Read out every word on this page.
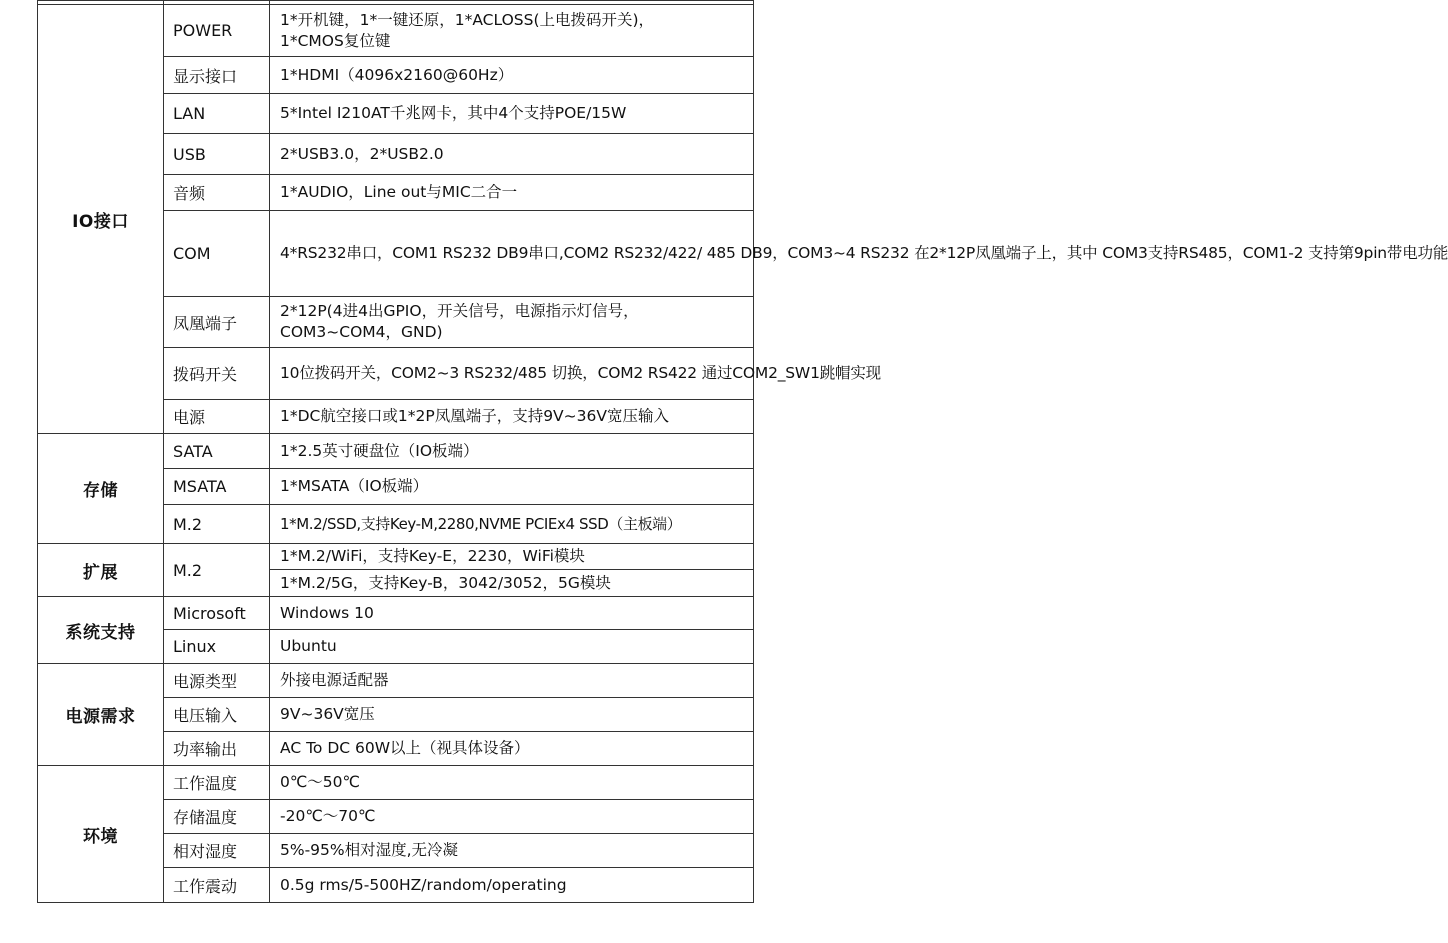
IO接口	POWER	1*开机键，1*一键还原，1*ACLOSS(上电拨码开关)，
1*CMOS复位键
	显示接口	1*HDMI（4096x2160@60Hz）
	LAN	5*Intel I210AT千兆网卡，其中4个支持POE/15W
	USB	2*USB3.0，2*USB2.0
	音频	1*AUDIO，Line out与MIC二合一
	COM	4*RS232串口，COM1 RS232 DB9串口,COM2 RS232/422/ 485 DB9，COM3~4 RS232 在2*12P凤凰端子上，其中 COM3支持RS485，COM1-2 支持第9pin带电功能
	凤凰端子	2*12P(4进4出GPIO，开关信号，电源指示灯信号，
COM3~COM4，GND)
	拨码开关	10位拨码开关，COM2~3 RS232/485 切换，COM2 RS422 通过COM2_SW1跳帽实现
	电源	1*DC航空接口或1*2P凤凰端子，支持9V~36V宽压输入
存储	SATA	1*2.5英寸硬盘位（IO板端）
	MSATA	1*MSATA（IO板端）
	M.2	1*M.2/SSD,支持Key-M,2280,NVME PCIEx4 SSD（主板端）
扩展	M.2	1*M.2/WiFi，支持Key-E，2230，WiFi模块
		1*M.2/5G，支持Key-B，3042/3052，5G模块
系统支持	Microsoft	Windows 10
	Linux	Ubuntu
电源需求	电源类型	外接电源适配器
	电压输入	9V~36V宽压
	功率输出	AC To DC 60W以上（视具体设备）
环境	工作温度	0℃～50℃
	存储温度	-20℃～70℃
	相对湿度	5%-95%相对湿度,无冷凝
	工作震动	0.5g rms/5-500HZ/random/operating
